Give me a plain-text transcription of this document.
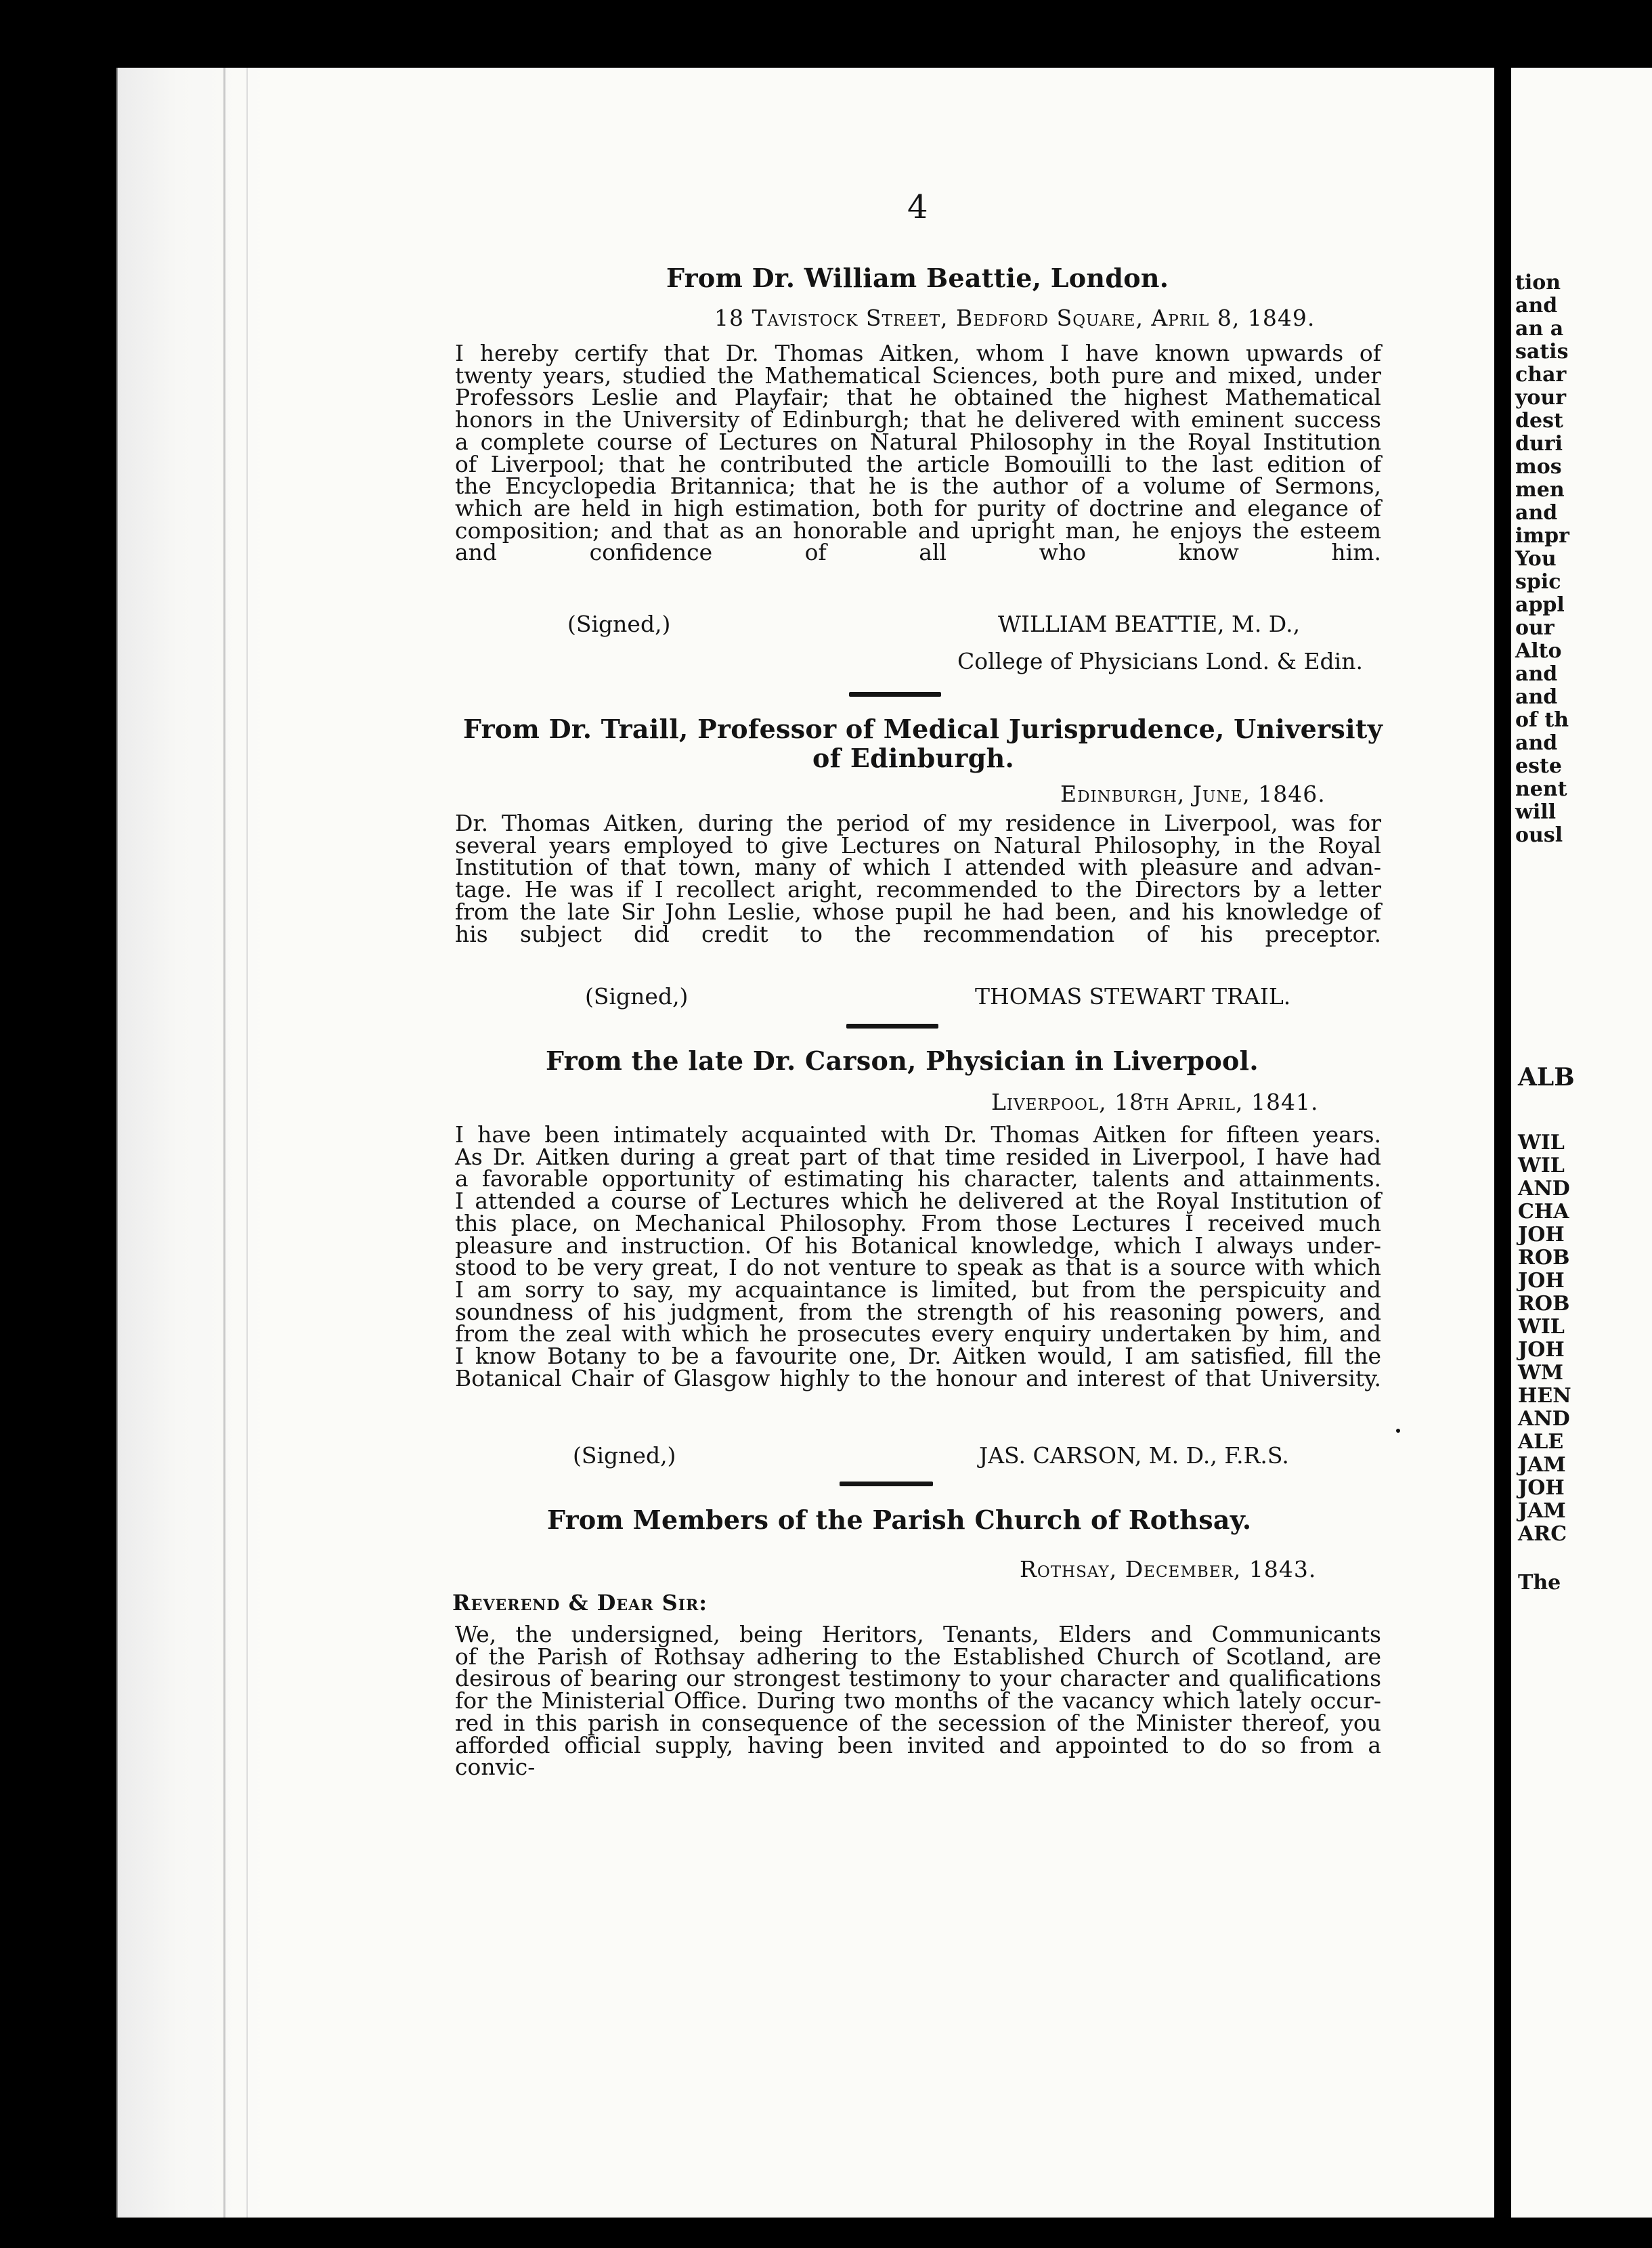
4
From Dr. William Beattie, London.
18 Tavistock Street, Bedford Square, April 8, 1849.
I hereby certify that Dr. Thomas Aitken, whom I have known upwards of
twenty years, studied the Mathematical Sciences, both pure and mixed, under
Professors Leslie and Playfair; that he obtained the highest Mathematical
honors in the University of Edinburgh; that he delivered with eminent success
a complete course of Lectures on Natural Philosophy in the Royal Institution
of Liverpool; that he contributed the article Bomouilli to the last edition of
the Encyclopedia Britannica; that he is the author of a volume of Sermons,
which are held in high estimation, both for purity of doctrine and elegance of
composition; and that as an honorable and upright man, he enjoys the esteem
and confidence of all who know him.
(Signed,)	WILLIAM BEATTIE, M. D.,
College of Physicians Lond. & Edin.
From Dr. Traill, Professor of Medical Jurisprudence, University
of Edinburgh.
Edinburgh, June, 1846.
Dr. Thomas Aitken, during the period of my residence in Liverpool, was for
several years employed to give Lectures on Natural Philosophy, in the Royal
Institution of that town, many of which I attended with pleasure and advan-
tage. He was if I recollect aright, recommended to the Directors by a letter
from the late Sir John Leslie, whose pupil he had been, and his knowledge of
his subject did credit to the recommendation of his preceptor.
(Signed,)	THOMAS STEWART TRAIL.
From the late Dr. Carson, Physician in Liverpool.
Liverpool, 18th April, 1841.
I have been intimately acquainted with Dr. Thomas Aitken for fifteen years.
As Dr. Aitken during a great part of that time resided in Liverpool, I have had
a favorable opportunity of estimating his character, talents and attainments.
I attended a course of Lectures which he delivered at the Royal Institution of
this place, on Mechanical Philosophy. From those Lectures I received much
pleasure and instruction. Of his Botanical knowledge, which I always under-
stood to be very great, I do not venture to speak as that is a source with which
I am sorry to say, my acquaintance is limited, but from the perspicuity and
soundness of his judgment, from the strength of his reasoning powers, and
from the zeal with which he prosecutes every enquiry undertaken by him, and
I know Botany to be a favourite one, Dr. Aitken would, I am satisfied, fill the
Botanical Chair of Glasgow highly to the honour and interest of that University.
(Signed,)	JAS. CARSON, M. D., F.R.S.
From Members of the Parish Church of Rothsay.
Rothsay, December, 1843.
Reverend & Dear Sir:
We, the undersigned, being Heritors, Tenants, Elders and Communicants
of the Parish of Rothsay adhering to the Established Church of Scotland, are
desirous of bearing our strongest testimony to your character and qualifications
for the Ministerial Office. During two months of the vacancy which lately occur-
red in this parish in consequence of the secession of the Minister thereof, you
afforded official supply, having been invited and appointed to do so from a convic-
tion
and
an a
satis
char
your
dest
duri
mos
men
and
impr
You
spic
appl
our
Alto
and
and
of th
and
este
nent
will
ousl
ALB
WIL
WIL
AND
CHA
JOH
ROB
JOH
ROB
WIL
JOH
WM
HEN
AND
ALE
JAM
JOH
JAM
ARC
The
